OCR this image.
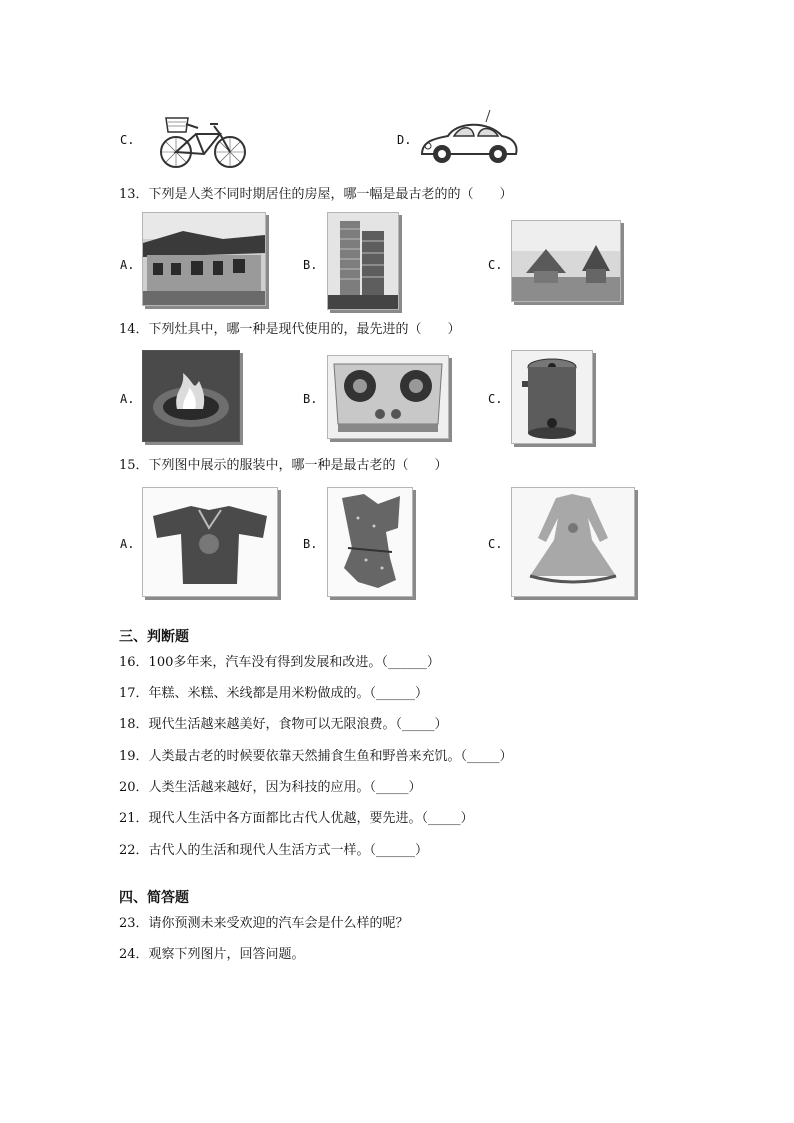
C.	D.
13．下列是人类不同时期居住的房屋，哪一幅是最古老的的（　　）
A.	B.	C.
14．下列灶具中，哪一种是现代使用的，最先进的（　　）
A.	B.	C.
15．下列图中展示的服装中，哪一种是最古老的（　　）
A.	B.	C.
三、判断题
16．100多年来，汽车没有得到发展和改进。（______）
17．年糕、米糕、米线都是用米粉做成的。（______）
18．现代生活越来越美好，食物可以无限浪费。（_____）
19．人类最古老的时候要依靠天然捕食生鱼和野兽来充饥。（_____）
20．人类生活越来越好，因为科技的应用。（_____）
21．现代人生活中各方面都比古代人优越，要先进。（_____）
22．古代人的生活和现代人生活方式一样。（______）
四、简答题
23．请你预测未来受欢迎的汽车会是什么样的呢？
24．观察下列图片，回答问题。
